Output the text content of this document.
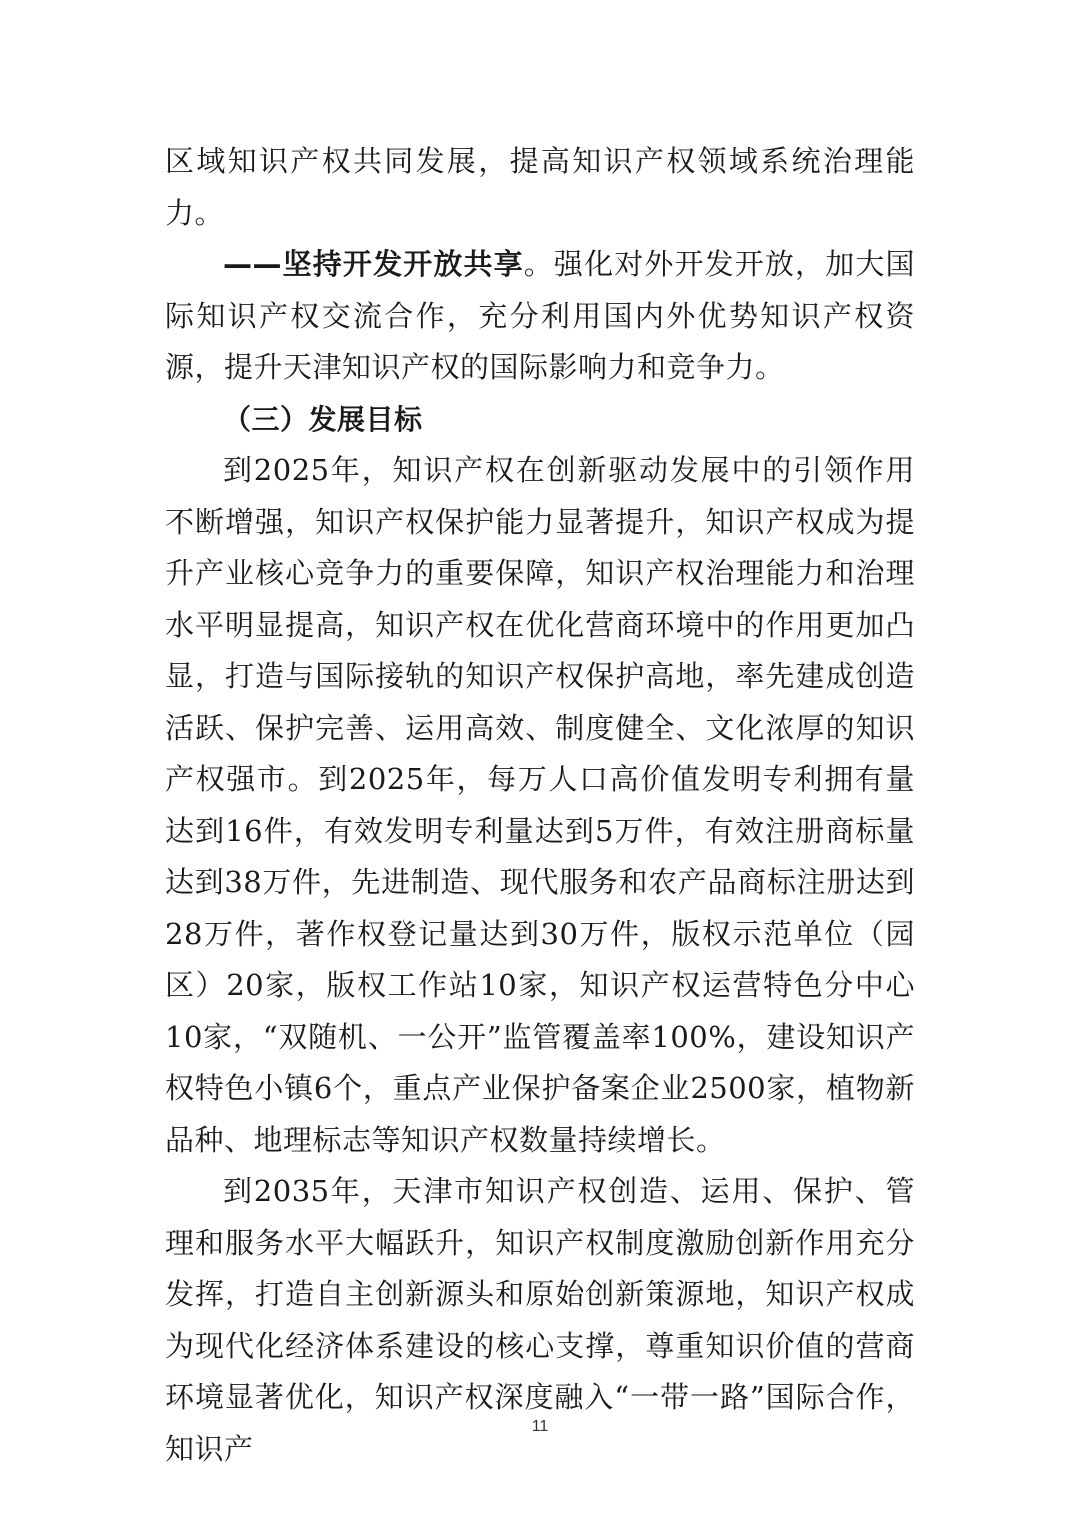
区域知识产权共同发展，提高知识产权领域系统治理能力。

——坚持开发开放共享。强化对外开发开放，加大国际知识产权交流合作，充分利用国内外优势知识产权资源，提升天津知识产权的国际影响力和竞争力。

（三）发展目标

到2025年，知识产权在创新驱动发展中的引领作用不断增强，知识产权保护能力显著提升，知识产权成为提升产业核心竞争力的重要保障，知识产权治理能力和治理水平明显提高，知识产权在优化营商环境中的作用更加凸显，打造与国际接轨的知识产权保护高地，率先建成创造活跃、保护完善、运用高效、制度健全、文化浓厚的知识产权强市。到2025年，每万人口高价值发明专利拥有量达到16件，有效发明专利量达到5万件，有效注册商标量达到38万件，先进制造、现代服务和农产品商标注册达到28万件，著作权登记量达到30万件，版权示范单位（园区）20家，版权工作站10家，知识产权运营特色分中心10家，“双随机、一公开”监管覆盖率100%，建设知识产权特色小镇6个，重点产业保护备案企业2500家，植物新品种、地理标志等知识产权数量持续增长。

到2035年，天津市知识产权创造、运用、保护、管理和服务水平大幅跃升，知识产权制度激励创新作用充分发挥，打造自主创新源头和原始创新策源地，知识产权成为现代化经济体系建设的核心支撑，尊重知识价值的营商环境显著优化，知识产权深度融入“一带一路”国际合作，知识产

11
